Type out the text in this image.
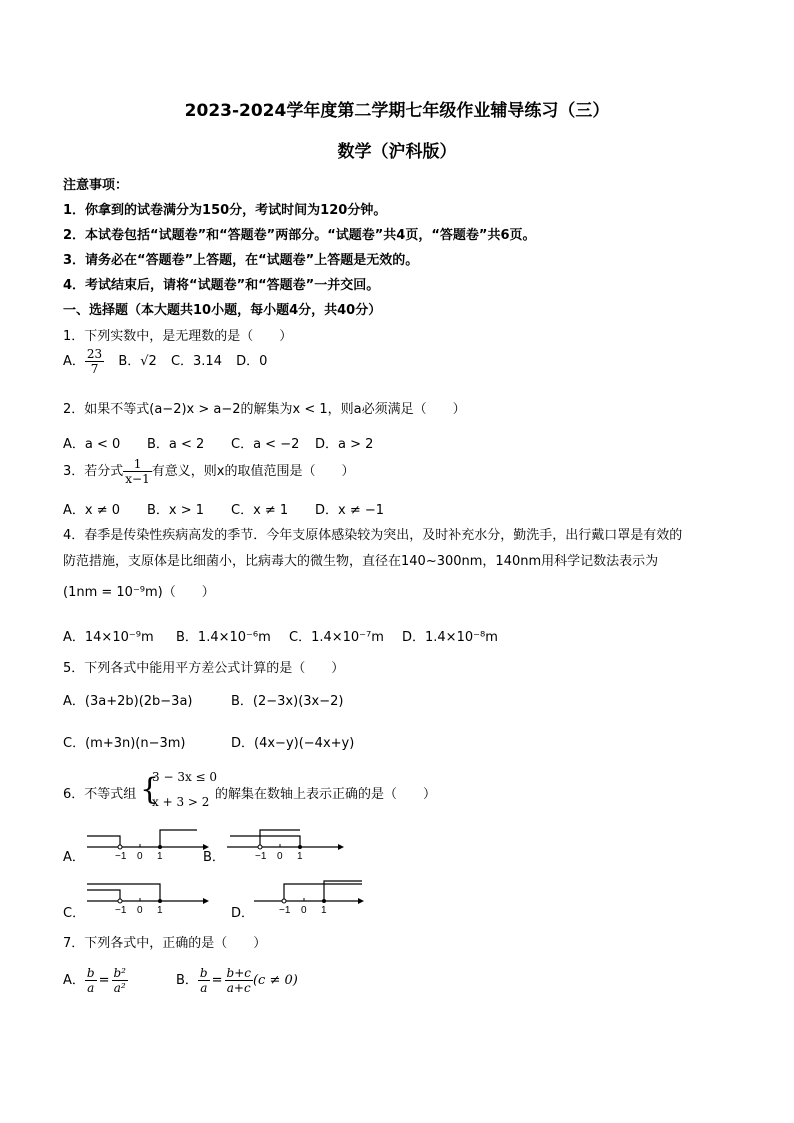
2023-2024学年度第二学期七年级作业辅导练习（三）
数学（沪科版）
注意事项：
1．你拿到的试卷满分为150分，考试时间为120分钟。
2．本试卷包括“试题卷”和“答题卷”两部分。“试题卷”共4页，“答题卷”共6页。
3．请务必在“答题卷”上答题，在“试题卷”上答题是无效的。
4．考试结束后，请将“试题卷”和“答题卷”一并交回。
一、选择题（本大题共10小题，每小题4分，共40分）
1．下列实数中，是无理数的是（　　）
A． $\frac{23}{7}$ B．√2 C．3.14 D．0
2．如果不等式(a−2)x > a−2的解集为x < 1，则a必须满足（　　）
A．a < 0 B．a < 2 C．a < −2 D．a > 2
3．若分式 $\frac{1}{x-1}$ 有意义，则x的取值范围是（　　）
A．x ≠ 0 B．x > 1 C．x ≠ 1 D．x ≠ −1
4．春季是传染性疾病高发的季节．今年支原体感染较为突出，及时补充水分，勤洗手，出行戴口罩是有效的
防范措施，支原体是比细菌小，比病毒大的微生物，直径在140~300nm，140nm用科学记数法表示为
(1nm = 10⁻⁹m)（　　）
A．14×10⁻⁹m B．1.4×10⁻⁶m C．1.4×10⁻⁷m D．1.4×10⁻⁸m
5．下列各式中能用平方差公式计算的是（　　）
A．(3a+2b)(2b−3a)	B．(2−3x)(3x−2)
C．(m+3n)(n−3m)	D．(4x−y)(−4x+y)
6．不等式组 {
3 − 3x ≤ 0
x + 3 > 2 的解集在数轴上表示正确的是（　　）
A．	B．
C．	D．
−1 0 1	−1 0 1
−1 0 1	−1 0 1
7．下列各式中，正确的是（　　）
A． $\frac{b}{a} = \frac{\text{b²}}{\text{a²}}$	B． $\frac{b}{a} = \frac{b+c}{a+c} (c \ne 0)$
